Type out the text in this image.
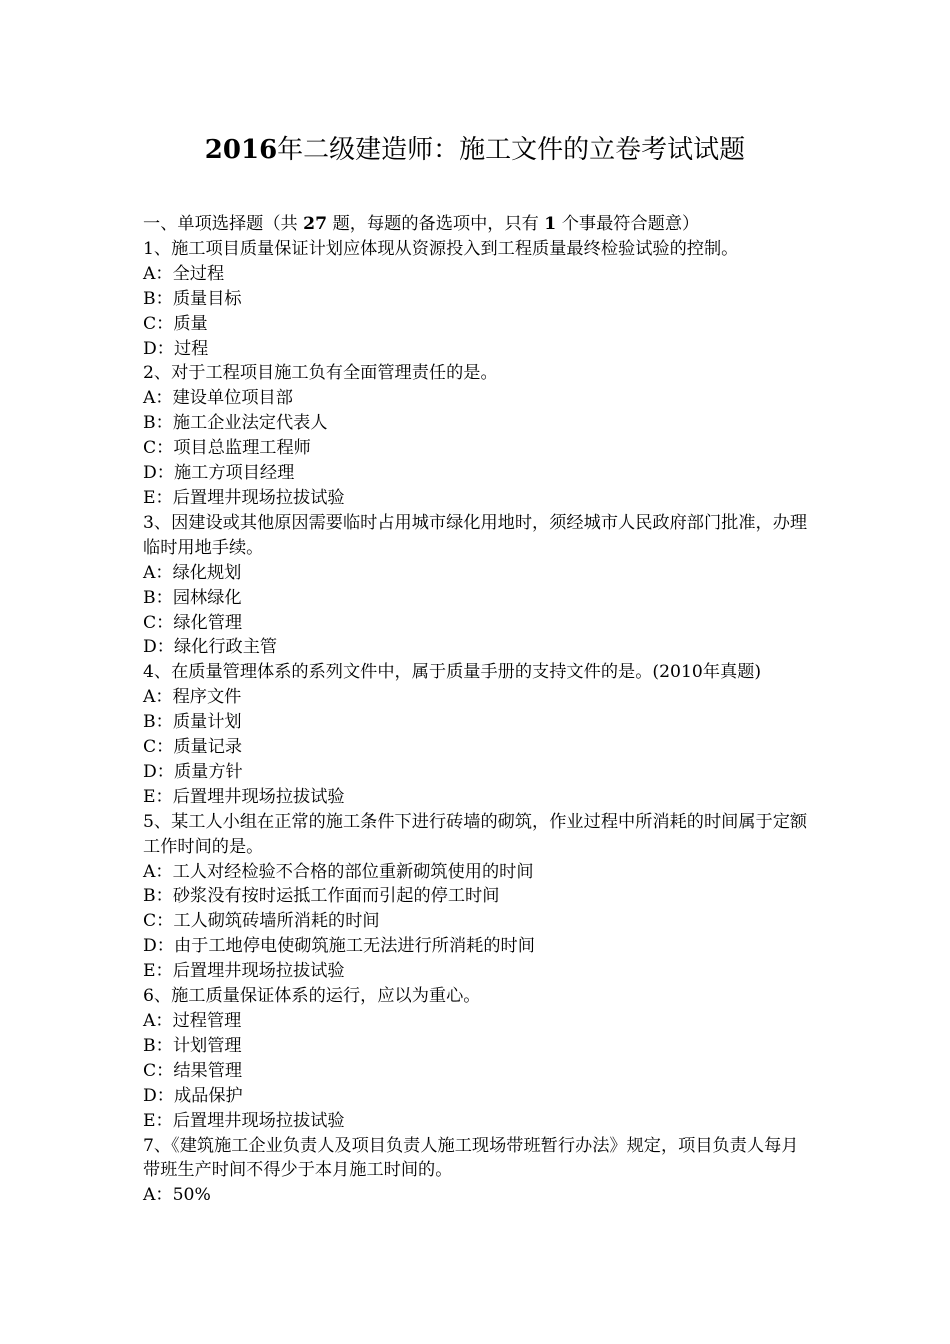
2016年二级建造师：施工文件的立卷考试试题
一、单项选择题（共 27 题，每题的备选项中，只有 1 个事最符合题意）
1、施工项目质量保证计划应体现从资源投入到工程质量最终检验试验的控制。
A：全过程
B：质量目标
C：质量
D：过程
2、对于工程项目施工负有全面管理责任的是。
A：建设单位项目部
B：施工企业法定代表人
C：项目总监理工程师
D：施工方项目经理
E：后置埋井现场拉拔试验
3、因建设或其他原因需要临时占用城市绿化用地时，须经城市人民政府部门批准，办理临时用地手续。
A：绿化规划
B：园林绿化
C：绿化管理
D：绿化行政主管
4、在质量管理体系的系列文件中，属于质量手册的支持文件的是。(2010年真题)
A：程序文件
B：质量计划
C：质量记录
D：质量方针
E：后置埋井现场拉拔试验
5、某工人小组在正常的施工条件下进行砖墙的砌筑，作业过程中所消耗的时间属于定额工作时间的是。
A：工人对经检验不合格的部位重新砌筑使用的时间
B：砂浆没有按时运抵工作面而引起的停工时间
C：工人砌筑砖墙所消耗的时间
D：由于工地停电使砌筑施工无法进行所消耗的时间
E：后置埋井现场拉拔试验
6、施工质量保证体系的运行，应以为重心。
A：过程管理
B：计划管理
C：结果管理
D：成品保护
E：后置埋井现场拉拔试验
7、《建筑施工企业负责人及项目负责人施工现场带班暂行办法》规定，项目负责人每月带班生产时间不得少于本月施工时间的。
A：50%
